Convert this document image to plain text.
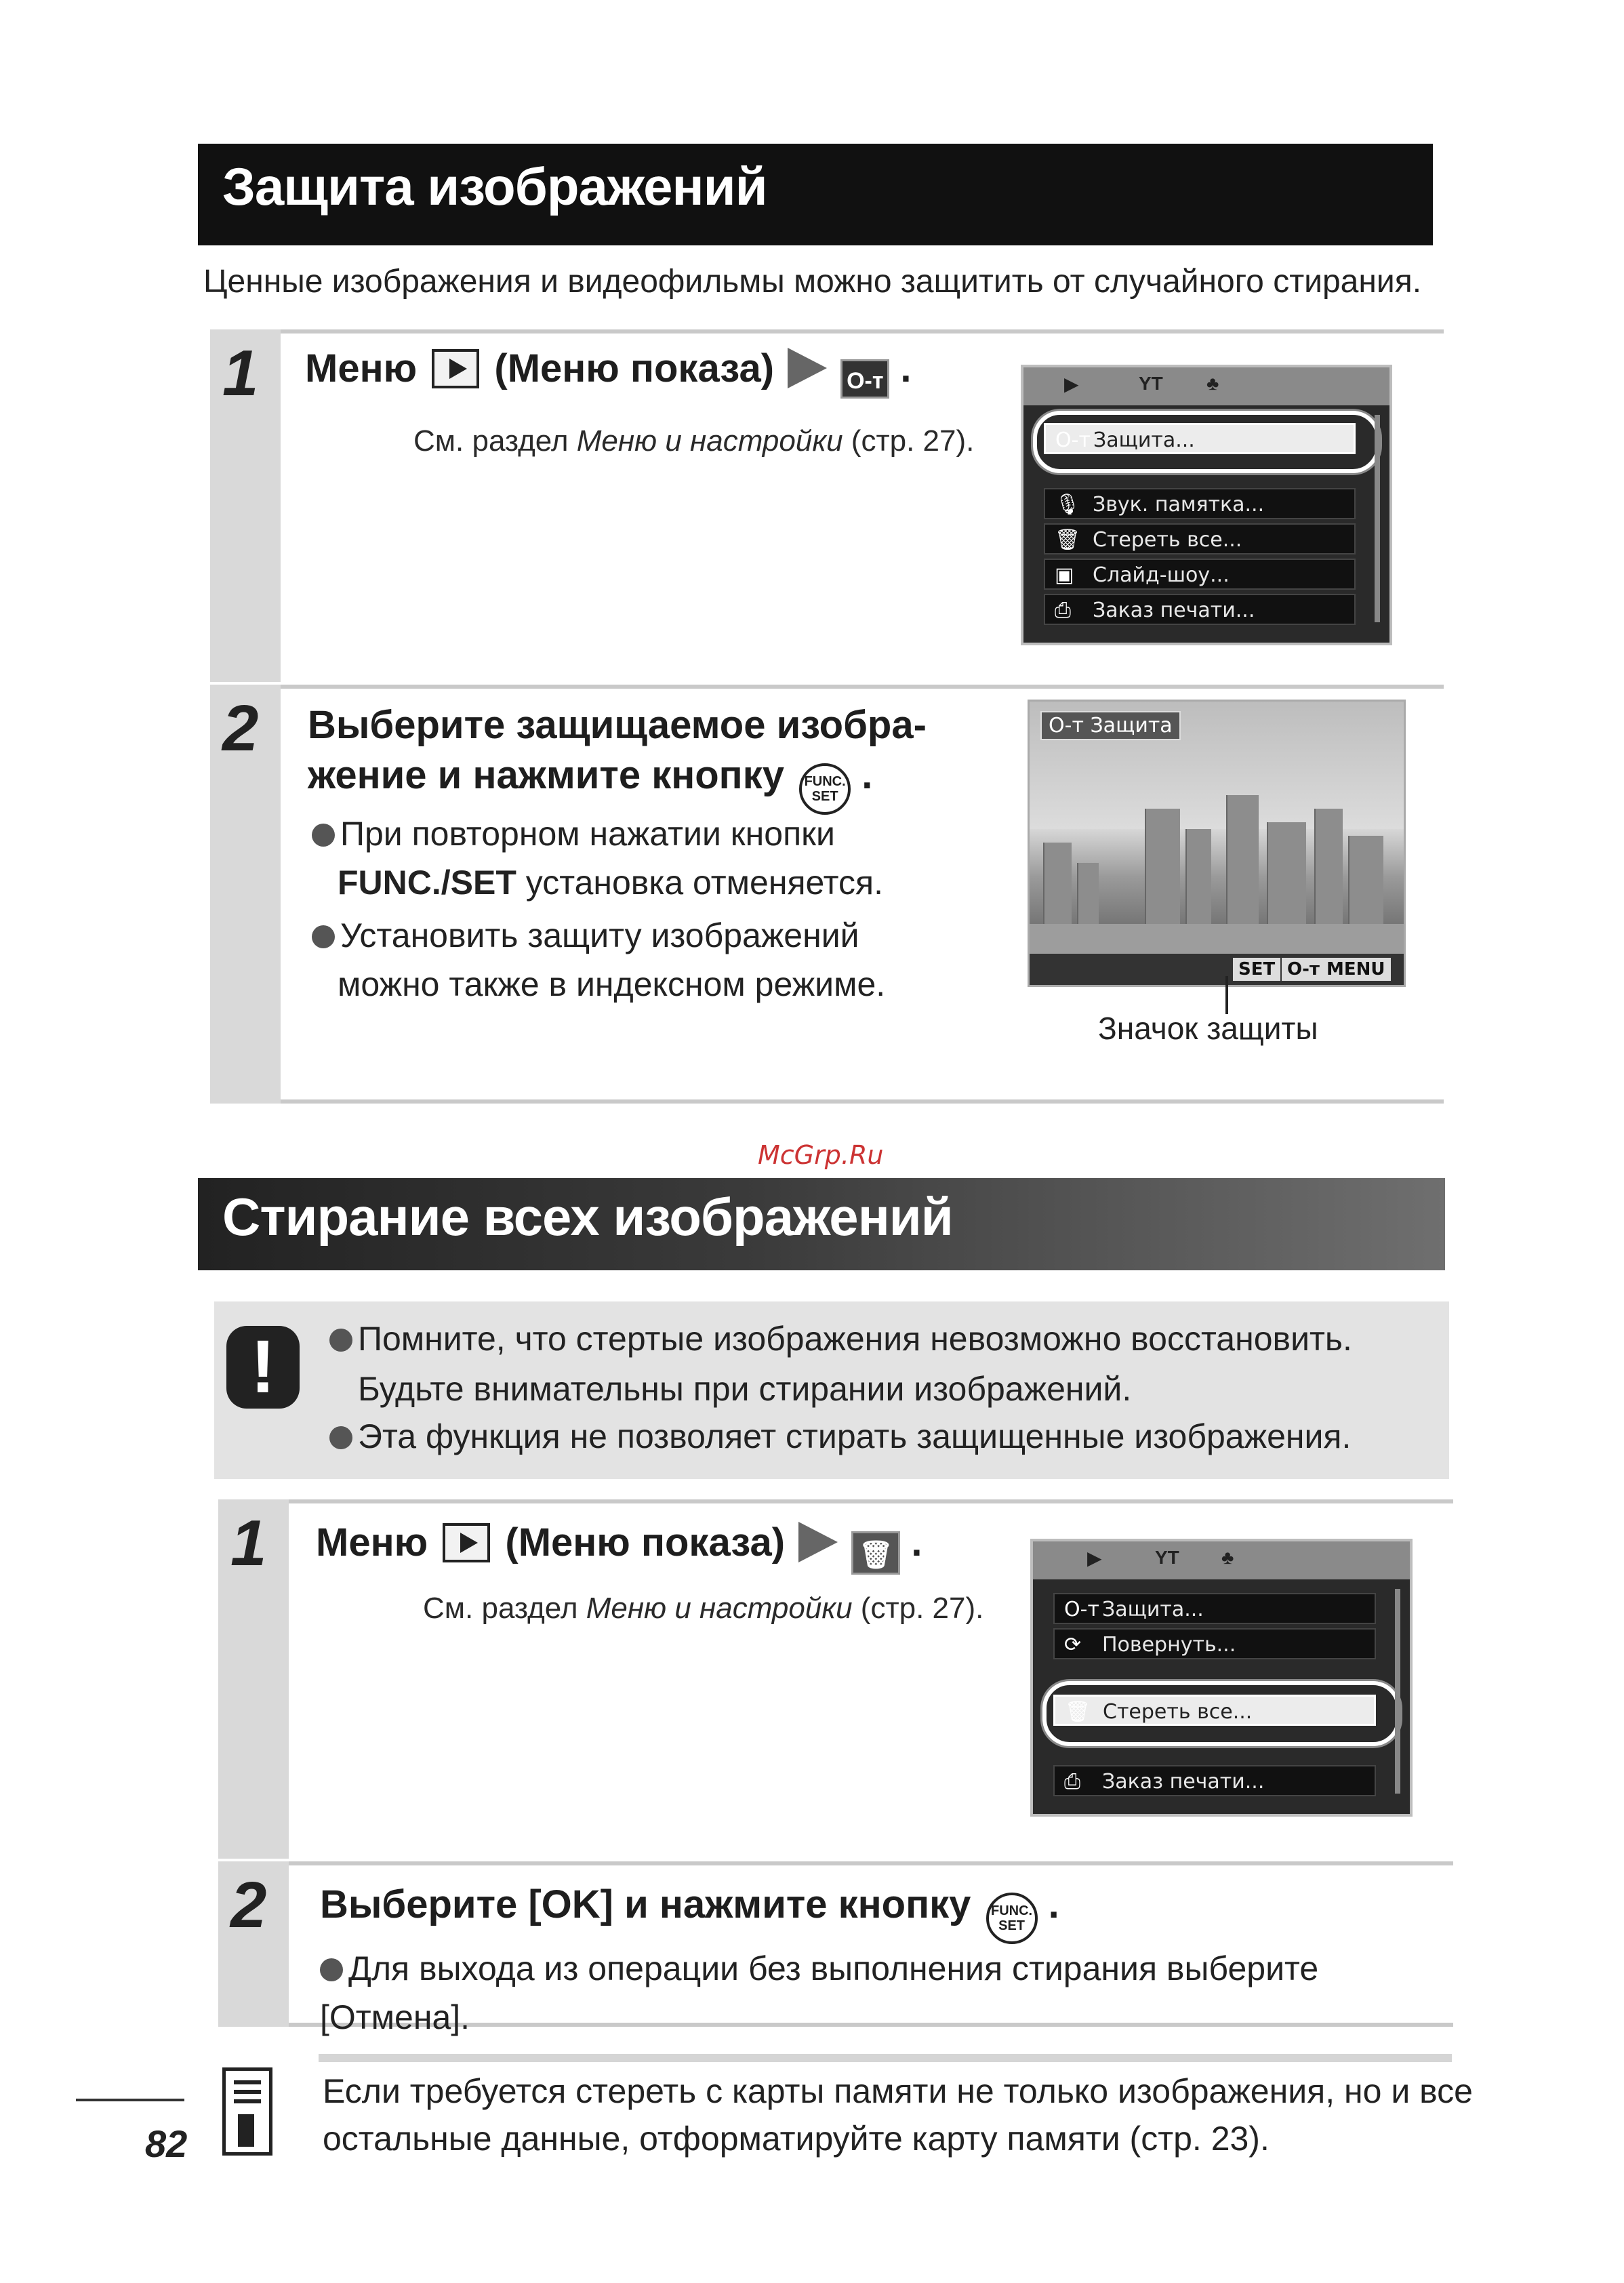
Защита изображений
Ценные изображения и видеофильмы можно защитить от случайного стирания.
1 Меню (Меню показа)	О-т .
См. раздел Меню и настройки (стр. 27).
▶	YT ♣
О-т Защита...
🎙 Звук. памятка...
🗑 Стереть все...
▣ Слайд-шоу...
⎙ Заказ печати...
2 Выберите защищаемое изобра-
жение и нажмите кнопку FUNC.
SET .
При повторном нажатии кнопки
FUNC./SET установка отменяется.
Установить защиту изображений
можно также в индексном режиме.
О-т Защита
SET О-т MENU
Значок защиты
McGrp.Ru
Стирание всех изображений
!	Помните, что стертые изображения невозможно восстановить.
Будьте внимательны при стирании изображений.
Эта функция не позволяет стирать защищенные изображения.
1 Меню (Меню показа)	🗑 .
См. раздел Меню и настройки (стр. 27).
▶	YT ♣
О-т Защита...
⟳ Повернуть...
🗑 Стереть все...
⎙ Заказ печати...
2 Выберите [OK] и нажмите кнопку FUNC.
SET .
Для выхода из операции без выполнения стирания выберите [Отмена].
Если требуется стереть с карты памяти не только изображения, но и все
остальные данные, отформатируйте карту памяти (стр. 23).
82
